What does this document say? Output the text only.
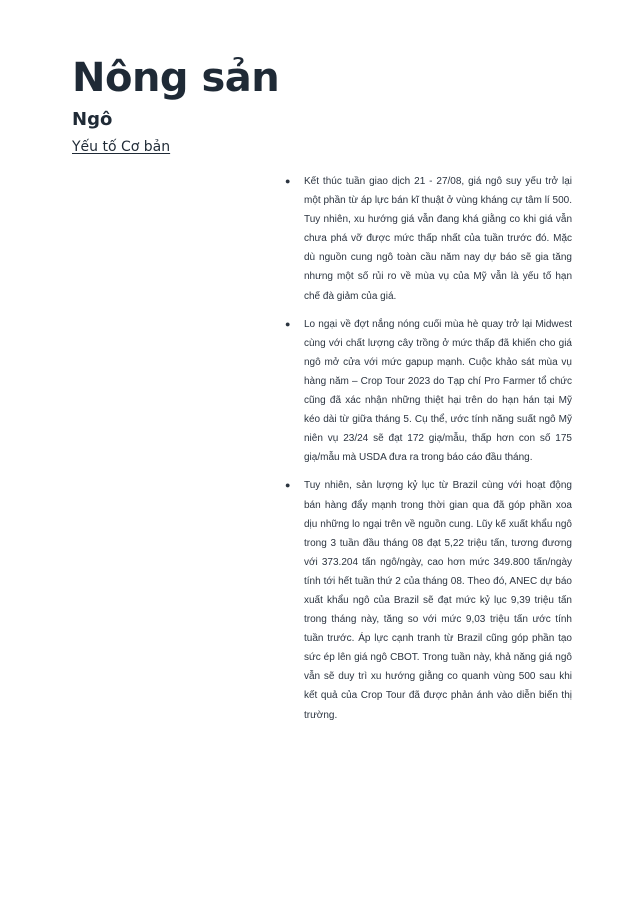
Nông sản
Ngô
Yếu tố Cơ bản
● Kết thúc tuần giao dịch 21 - 27/08, giá ngô suy yếu trở lại một phần từ áp lực bán kĩ thuật ở vùng kháng cự tâm lí 500. Tuy nhiên, xu hướng giá vẫn đang khá giằng co khi giá vẫn chưa phá vỡ được mức thấp nhất của tuần trước đó. Mặc dù nguồn cung ngô toàn cầu năm nay dự báo sẽ gia tăng nhưng một số rủi ro về mùa vụ của Mỹ vẫn là yếu tố hạn chế đà giảm của giá.
● Lo ngại về đợt nắng nóng cuối mùa hè quay trở lại Midwest cùng với chất lượng cây trồng ở mức thấp đã khiến cho giá ngô mở cửa với mức gapup mạnh. Cuộc khảo sát mùa vụ hàng năm – Crop Tour 2023 do Tạp chí Pro Farmer tổ chức cũng đã xác nhận những thiệt hại trên do hạn hán tại Mỹ kéo dài từ giữa tháng 5. Cụ thể, ước tính năng suất ngô Mỹ niên vụ 23/24 sẽ đạt 172 giạ/mẫu, thấp hơn con số 175 giạ/mẫu mà USDA đưa ra trong báo cáo đầu tháng.
● Tuy nhiên, sản lượng kỷ lục từ Brazil cùng với hoạt động bán hàng đẩy mạnh trong thời gian qua đã góp phần xoa dịu những lo ngại trên về nguồn cung. Lũy kế xuất khẩu ngô trong 3 tuần đầu tháng 08 đạt 5,22 triệu tấn, tương đương với 373.204 tấn ngô/ngày, cao hơn mức 349.800 tấn/ngày tính tới hết tuần thứ 2 của tháng 08. Theo đó, ANEC dự báo xuất khẩu ngô của Brazil sẽ đạt mức kỷ lục 9,39 triệu tấn trong tháng này, tăng so với mức 9,03 triệu tấn ước tính tuần trước. Áp lực cạnh tranh từ Brazil cũng góp phần tạo sức ép lên giá ngô CBOT. Trong tuần này, khả năng giá ngô vẫn sẽ duy trì xu hướng giằng co quanh vùng 500 sau khi kết quả của Crop Tour đã được phản ánh vào diễn biến thị trường.
